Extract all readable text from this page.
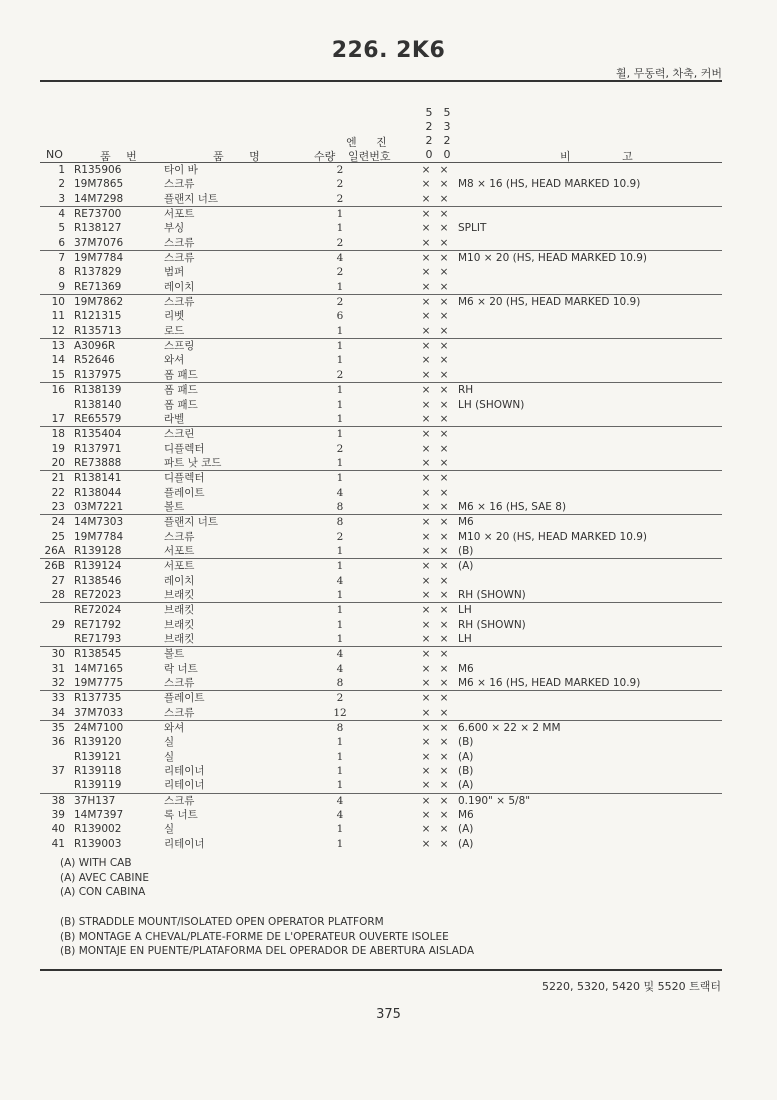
226. 2K6
휠, 무동력, 차축, 커버
5
2
2
0
5
3
2
0
엔 진
NO	품 번	품 명	수량 일련번호	비 고
1 R135906	타이 바	2	× ×
2 19M7865	스크류	2	× × M8 × 16 (HS, HEAD MARKED 10.9)
3 14M7298	플랜지 너트	2	× ×
4 RE73700	서포트	1	× ×
5 R138127	부싱	1	× × SPLIT
6 37M7076	스크류	2	× ×
7 19M7784	스크류	4	× × M10 × 20 (HS, HEAD MARKED 10.9)
8 R137829	범퍼	2	× ×
9 RE71369	레이치	1	× ×
10 19M7862	스크류	2	× × M6 × 20 (HS, HEAD MARKED 10.9)
11 R121315	리벳	6	× ×
12 R135713	로드	1	× ×
13 A3096R	스프링	1	× ×
14 R52646	와셔	1	× ×
15 R137975	폼 패드	2	× ×
16 R138139	폼 패드	1	× × RH
R138140	폼 패드	1	× × LH (SHOWN)
17 RE65579	라벨	1	× ×
18 R135404	스크린	1	× ×
19 R137971	디플렉터	2	× ×
20 RE73888	파트 낫 코드	1	× ×
21 R138141	디플렉터	1	× ×
22 R138044	플레이트	4	× ×
23 03M7221	볼트	8	× × M6 × 16 (HS, SAE 8)
24 14M7303	플랜지 너트	8	× × M6
25 19M7784	스크류	2	× × M10 × 20 (HS, HEAD MARKED 10.9)
26A R139128	서포트	1	× × (B)
26B R139124	서포트	1	× × (A)
27 R138546	레이치	4	× ×
28 RE72023	브래킷	1	× × RH (SHOWN)
RE72024	브래킷	1	× × LH
29 RE71792	브래킷	1	× × RH (SHOWN)
RE71793	브래킷	1	× × LH
30 R138545	볼트	4	× ×
31 14M7165	락 너트	4	× × M6
32 19M7775	스크류	8	× × M6 × 16 (HS, HEAD MARKED 10.9)
33 R137735	플레이트	2	× ×
34 37M7033	스크류	12	× ×
35 24M7100	와셔	8	× × 6.600 × 22 × 2 MM
36 R139120	실	1	× × (B)
R139121	실	1	× × (A)
37 R139118	리테이너	1	× × (B)
R139119	리테이너	1	× × (A)
38 37H137	스크류	4	× × 0.190" × 5/8"
39 14M7397	록 너트	4	× × M6
40 R139002	실	1	× × (A)
41 R139003	리테이너	1	× × (A)
(A) WITH CAB
(A) AVEC CABINE
(A) CON CABINA
(B) STRADDLE MOUNT/ISOLATED OPEN OPERATOR PLATFORM
(B) MONTAGE A CHEVAL/PLATE-FORME DE L'OPERATEUR OUVERTE ISOLEE
(B) MONTAJE EN PUENTE/PLATAFORMA DEL OPERADOR DE ABERTURA AISLADA
5220, 5320, 5420 및 5520 트랙터
375
